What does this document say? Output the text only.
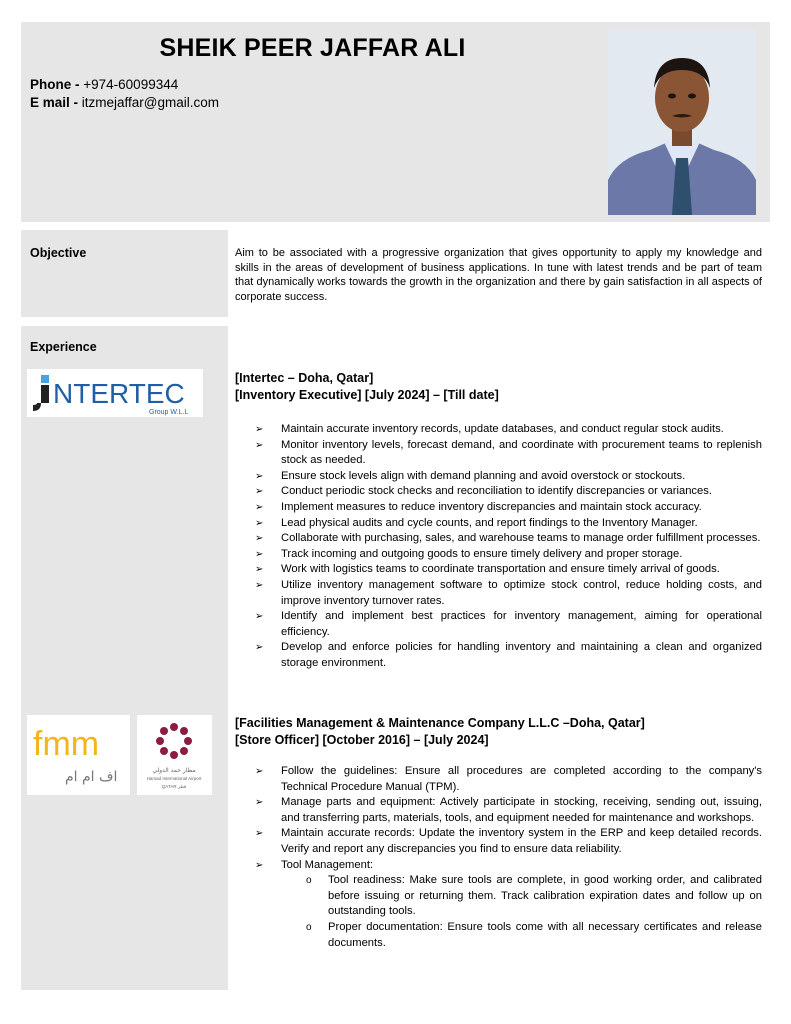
SHEIK PEER JAFFAR ALI
Phone - +974-60099344
E mail - itzmejaffar@gmail.com
Objective	Aim to be associated with a progressive organization that gives opportunity to apply my knowledge and skills in the areas of development of business applications. In tune with latest trends and be part of team that dynamically works towards the growth in the organization and there by gain satisfaction in all aspects of corporate success.
Experience
NTERTEC
Group W.L.L
[Intertec – Doha, Qatar]
[Inventory Executive] [July 2024] – [Till date]
➢ Maintain accurate inventory records, update databases, and conduct regular stock audits.
➢ Monitor inventory levels, forecast demand, and coordinate with procurement teams to replenish stock as needed.
➢ Ensure stock levels align with demand planning and avoid overstock or stockouts.
➢ Conduct periodic stock checks and reconciliation to identify discrepancies or variances.
➢ Implement measures to reduce inventory discrepancies and maintain stock accuracy.
➢ Lead physical audits and cycle counts, and report findings to the Inventory Manager.
➢ Collaborate with purchasing, sales, and warehouse teams to manage order fulfillment processes.
➢ Track incoming and outgoing goods to ensure timely delivery and proper storage.
➢ Work with logistics teams to coordinate transportation and ensure timely arrival of goods.
➢ Utilize inventory management software to optimize stock control, reduce holding costs, and improve inventory turnover rates.
➢ Identify and implement best practices for inventory management, aiming for operational efficiency.
➢ Develop and enforce policies for handling inventory and maintaining a clean and organized storage environment.
fmm
اف ام ام	مطار حمد الدولي
Hamad International Airport
QATAR قطر
[Facilities Management & Maintenance Company L.L.C –Doha, Qatar]
[Store Officer] [October 2016] – [July 2024]
➢ Follow the guidelines: Ensure all procedures are completed according to the company's Technical Procedure Manual (TPM).
➢ Manage parts and equipment: Actively participate in stocking, receiving, sending out, issuing, and transferring parts, materials, tools, and equipment needed for maintenance and workshops.
➢ Maintain accurate records: Update the inventory system in the ERP and keep detailed records. Verify and report any discrepancies you find to ensure data reliability.
➢ Tool Management:
o Tool readiness: Make sure tools are complete, in good working order, and calibrated before issuing or returning them. Track calibration expiration dates and follow up on outstanding tools.
o Proper documentation: Ensure tools come with all necessary certificates and release documents.
